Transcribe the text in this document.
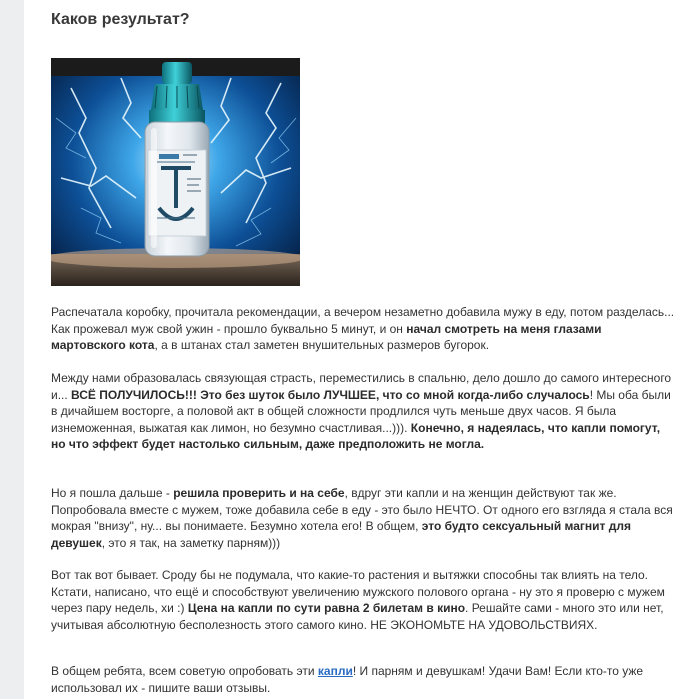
Каков результат?

Распечатала коробку, прочитала рекомендации, а вечером незаметно добавила мужу в еду, потом разделась... Как прожевал муж свой ужин - прошло буквально 5 минут, и он начал смотреть на меня глазами мартовского кота, а в штанах стал заметен внушительных размеров бугорок.

Между нами образовалась связующая страсть, переместились в спальню, дело дошло до самого интересного и... ВСЁ ПОЛУЧИЛОСЬ!!! Это без шуток было ЛУЧШЕЕ, что со мной когда-либо случалось! Мы оба были в дичайшем восторге, а половой акт в общей сложности продлился чуть меньше двух часов. Я была изнеможенная, выжатая как лимон, но безумно счастливая...))). Конечно, я надеялась, что капли помогут, но что эффект будет настолько сильным, даже предположить не могла.

Но я пошла дальше - решила проверить и на себе, вдруг эти капли и на женщин действуют так же. Попробовала вместе с мужем, тоже добавила себе в еду - это было НЕЧТО. От одного его взгляда я стала вся мокрая "внизу", ну... вы понимаете. Безумно хотела его! В общем, это будто сексуальный магнит для девушек, это я так, на заметку парням)))

Вот так вот бывает. Сроду бы не подумала, что какие-то растения и вытяжки способны так влиять на тело. Кстати, написано, что ещё и способствуют увеличению мужского полового органа - ну это я проверю с мужем через пару недель, хи :) Цена на капли по сути равна 2 билетам в кино. Решайте сами - много это или нет, учитывая абсолютную бесполезность этого самого кино. НЕ ЭКОНОМЬТЕ НА УДОВОЛЬСТВИЯХ.

В общем ребята, всем советую опробовать эти капли! И парням и девушкам! Удачи Вам! Если кто-то уже использовал их - пишите ваши отзывы.
